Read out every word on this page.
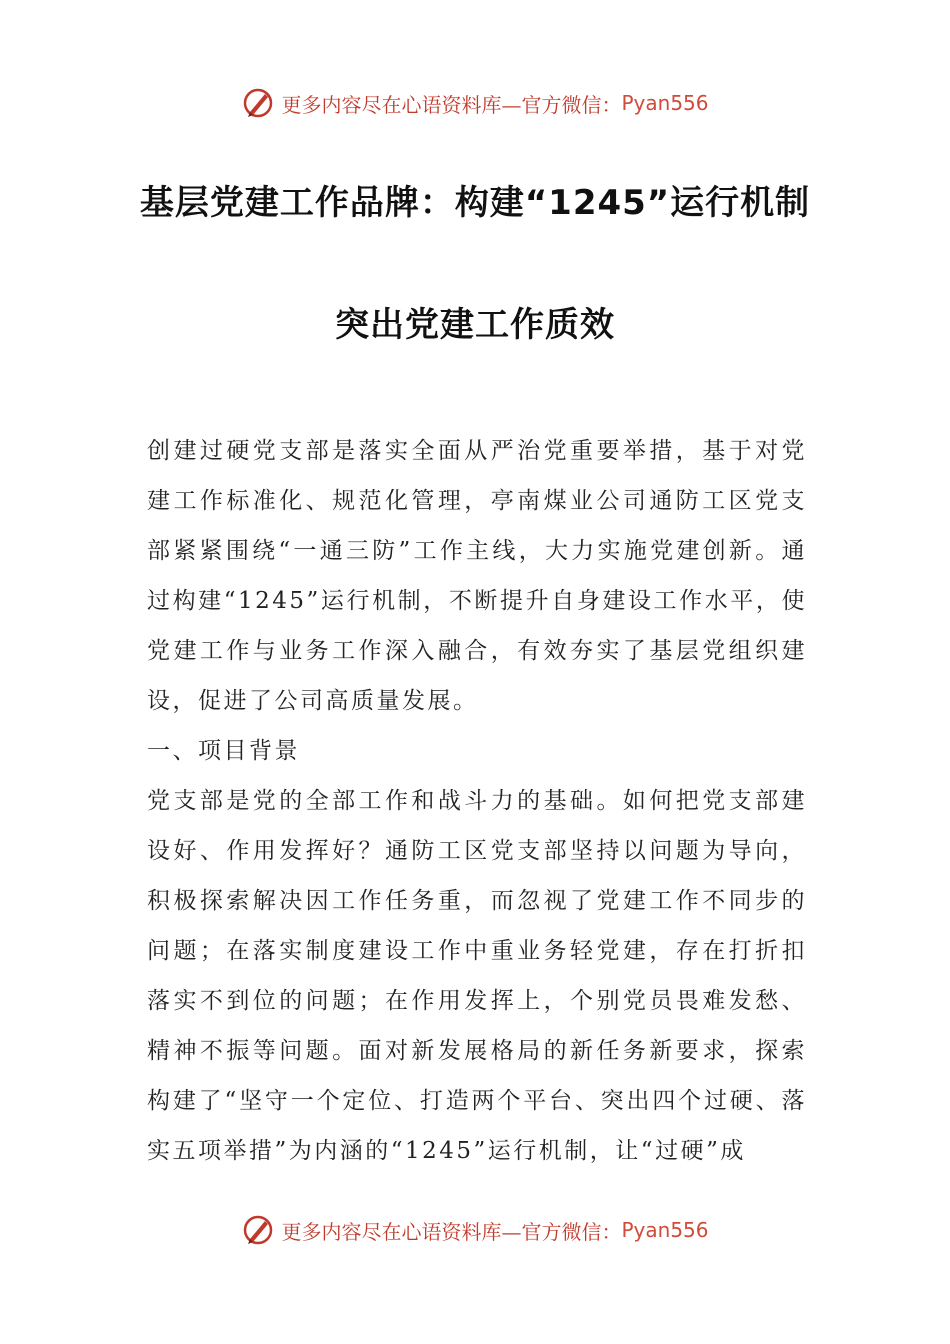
更多内容尽在心语资料库—官方微信： Pyan556
基层党建工作品牌：构建“1245”运行机制
突出党建工作质效

创建过硬党支部是落实全面从严治党重要举措，基于对党建工作标准化、规范化管理，亭南煤业公司通防工区党支部紧紧围绕“一通三防”工作主线，大力实施党建创新。通过构建“1245”运行机制，不断提升自身建设工作水平，使党建工作与业务工作深入融合，有效夯实了基层党组织建设，促进了公司高质量发展。

一、项目背景

党支部是党的全部工作和战斗力的基础。如何把党支部建设好、作用发挥好？通防工区党支部坚持以问题为导向，积极探索解决因工作任务重，而忽视了党建工作不同步的问题；在落实制度建设工作中重业务轻党建，存在打折扣落实不到位的问题；在作用发挥上，个别党员畏难发愁、精神不振等问题。面对新发展格局的新任务新要求，探索构建了“坚守一个定位、打造两个平台、突出四个过硬、落实五项举措”为内涵的“1245”运行机制，让“过硬”成

更多内容尽在心语资料库—官方微信： Pyan556
